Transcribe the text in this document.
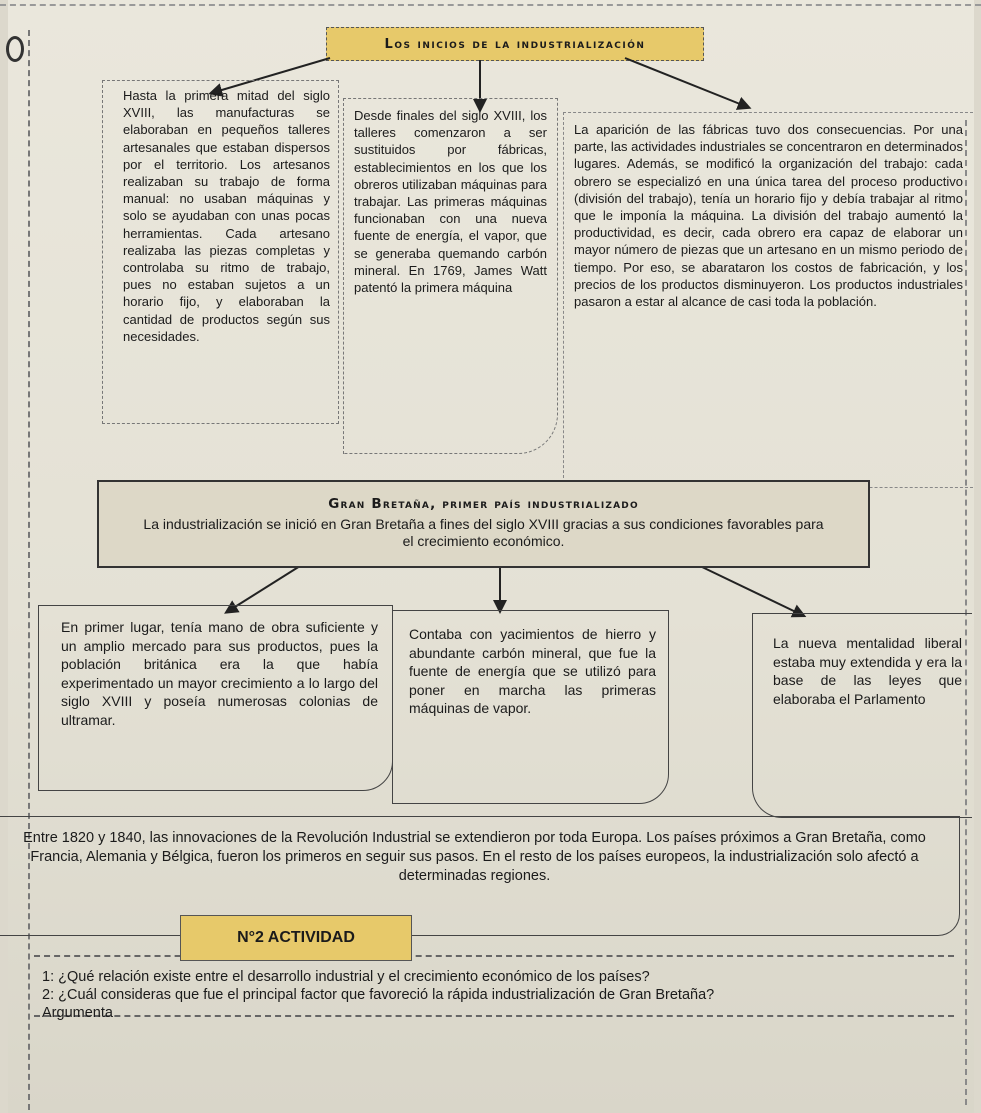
Los inicios de la industrialización
Hasta la primera mitad del siglo XVIII, las manufacturas se elaboraban en pequeños talleres artesanales que estaban dispersos por el territorio. Los artesanos realizaban su trabajo de forma manual: no usaban máquinas y solo se ayudaban con unas pocas herramientas. Cada artesano realizaba las piezas completas y controlaba su ritmo de trabajo, pues no estaban sujetos a un horario fijo, y elaboraban la cantidad de productos según sus necesidades.
Desde finales del siglo XVIII, los talleres comenzaron a ser sustituidos por fábricas, establecimientos en los que los obreros utilizaban máquinas para trabajar. Las primeras máquinas funcionaban con una nueva fuente de energía, el vapor, que se generaba quemando carbón mineral. En 1769, James Watt patentó la primera máquina
La aparición de las fábricas tuvo dos consecuencias. Por una parte, las actividades industriales se concentraron en determinados lugares. Además, se modificó la organización del trabajo: cada obrero se especializó en una única tarea del proceso productivo (división del trabajo), tenía un horario fijo y debía trabajar al ritmo que le imponía la máquina. La división del trabajo aumentó la productividad, es decir, cada obrero era capaz de elaborar un mayor número de piezas que un artesano en un mismo periodo de tiempo. Por eso, se abarataron los costos de fabricación, y los precios de los productos disminuyeron. Los productos industriales pasaron a estar al alcance de casi toda la población.
Gran Bretaña, primer país industrializado
La industrialización se inició en Gran Bretaña a fines del siglo XVIII gracias a sus condiciones favorables para el crecimiento económico.
En primer lugar, tenía mano de obra suficiente y un amplio mercado para sus productos, pues la población británica era la que había experimentado un mayor crecimiento a lo largo del siglo XVIII y poseía numerosas colonias de ultramar.
Contaba con yacimientos de hierro y abundante carbón mineral, que fue la fuente de energía que se utilizó para poner en marcha las primeras máquinas de vapor.
La nueva mentalidad liberal estaba muy extendida y era la base de las leyes que elaboraba el Parlamento
Entre 1820 y 1840, las innovaciones de la Revolución Industrial se extendieron por toda Europa. Los países próximos a Gran Bretaña, como Francia, Alemania y Bélgica, fueron los primeros en seguir sus pasos. En el resto de los países europeos, la industrialización solo afectó a determinadas regiones.
1: ¿Qué relación existe entre el desarrollo industrial y el crecimiento económico de los países?
2: ¿Cuál consideras que fue el principal factor que favoreció la rápida industrialización de Gran Bretaña?
Argumenta
N°2 ACTIVIDAD
